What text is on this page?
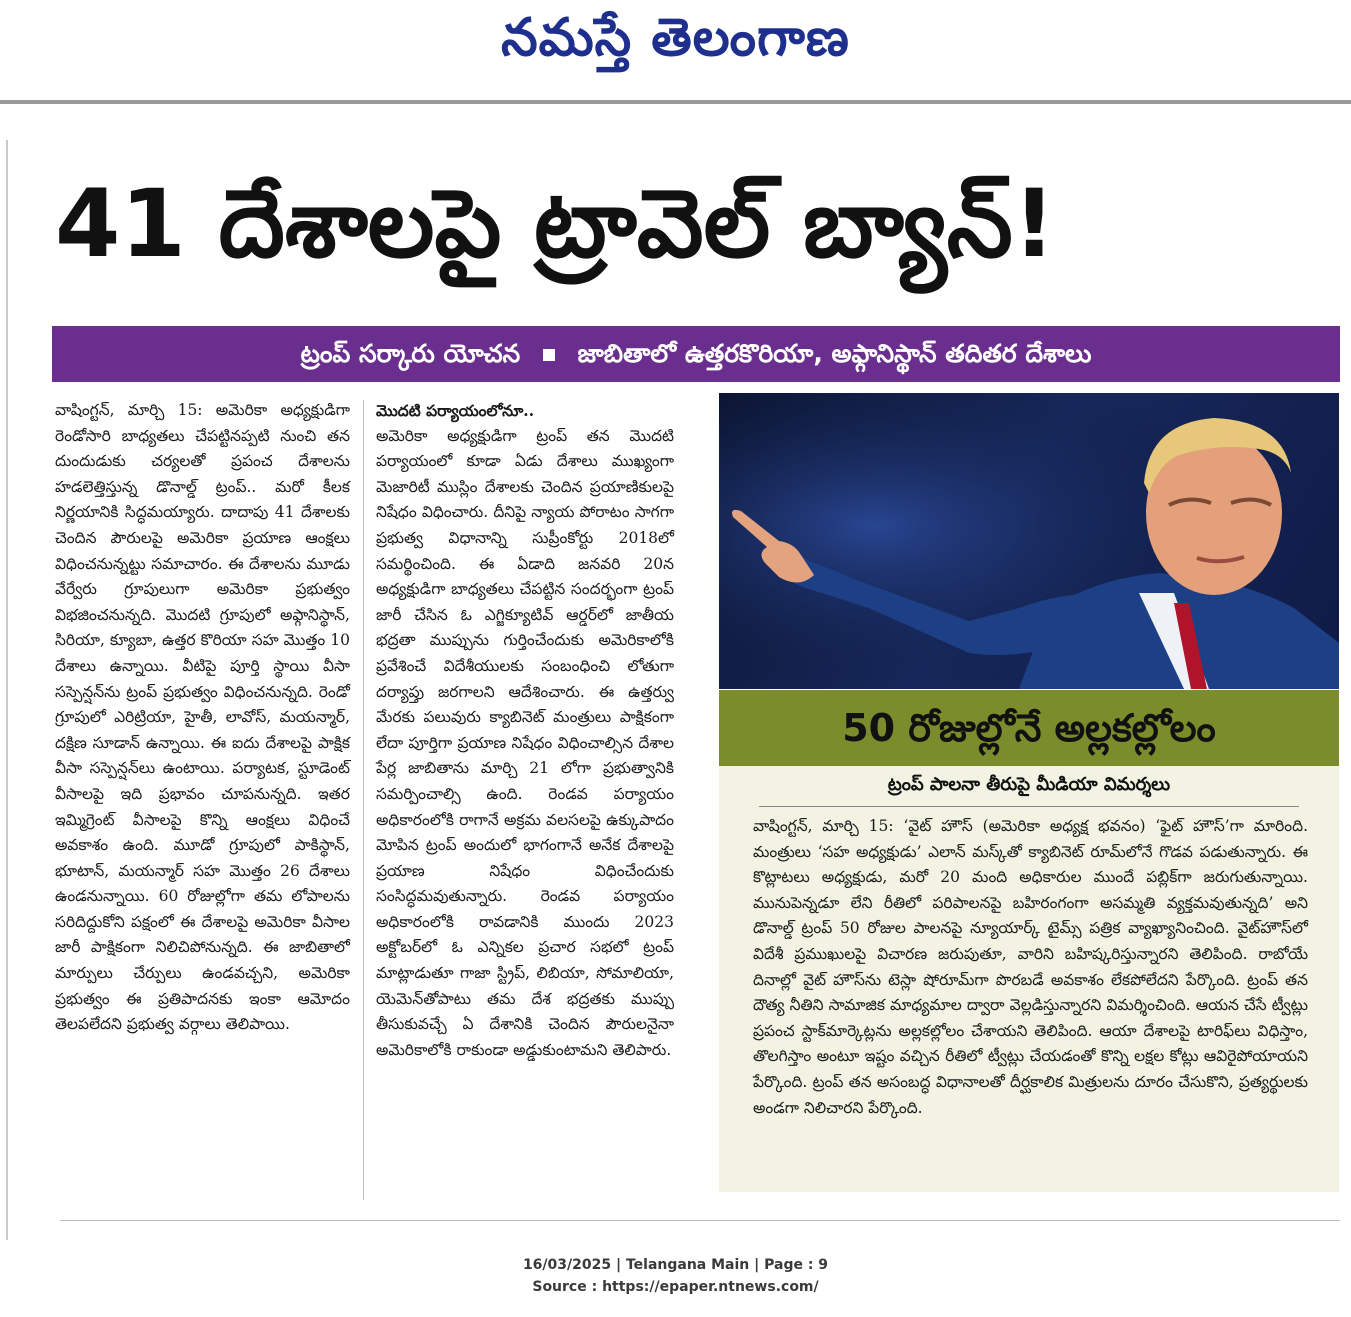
నమస్తే తెలంగాణ
41 దేశాలపై ట్రావెల్ బ్యాన్!
ట్రంప్ సర్కారు యోచన జాబితాలో ఉత్తరకొరియా, అఫ్గానిస్థాన్ తదితర దేశాలు
వాషింగ్టన్, మార్చి 15: అమెరికా అధ్యక్షుడిగా రెండోసారి బాధ్యతలు చేపట్టినప్పటి నుంచి తన దుందుడుకు చర్యలతో ప్రపంచ దేశాలను హడలెత్తిస్తున్న డొనాల్డ్ ట్రంప్.. మరో కీలక నిర్ణయానికి సిద్ధమయ్యారు. దాదాపు 41 దేశాలకు చెందిన పౌరులపై అమెరికా ప్రయాణ ఆంక్షలు విధించనున్నట్టు సమాచారం. ఈ దేశాలను మూడు వేర్వేరు గ్రూపులుగా అమెరికా ప్రభుత్వం విభజించనున్నది. మొదటి గ్రూపులో అఫ్గానిస్థాన్, సిరియా, క్యూబా, ఉత్తర కొరియా సహ మొత్తం 10 దేశాలు ఉన్నాయి. వీటిపై పూర్తి స్థాయి వీసా సస్పెన్షన్‌ను ట్రంప్ ప్రభుత్వం విధించనున్నది. రెండో గ్రూపులో ఎరిట్రియా, హైతీ, లావోస్, మయన్మార్, దక్షిణ సూడాన్ ఉన్నాయి. ఈ ఐదు దేశాలపై పాక్షిక వీసా సస్పెన్షన్‌లు ఉంటాయి. పర్యాటక, స్టూడెంట్ వీసాలపై ఇది ప్రభావం చూపనున్నది. ఇతర ఇమ్మిగ్రెంట్ వీసాలపై కొన్ని ఆంక్షలు విధించే అవకాశం ఉంది. మూడో గ్రూపులో పాకిస్థాన్, భూటాన్, మయన్మార్ సహ మొత్తం 26 దేశాలు ఉండనున్నాయి. 60 రోజుల్లోగా తమ లోపాలను సరిదిద్దుకోని పక్షంలో ఈ దేశాలపై అమెరికా వీసాల జారీ పాక్షికంగా నిలిచిపోనున్నది. ఈ జాబితాలో మార్పులు చేర్పులు ఉండవచ్చని, అమెరికా ప్రభుత్వం ఈ ప్రతిపాదనకు ఇంకా ఆమోదం తెలపలేదని ప్రభుత్వ వర్గాలు తెలిపాయి.
మొదటి పర్యాయంలోనూ..
అమెరికా అధ్యక్షుడిగా ట్రంప్ తన మొదటి పర్యాయంలో కూడా ఏడు దేశాలు ముఖ్యంగా మెజారిటీ ముస్లిం దేశాలకు చెందిన ప్రయాణికులపై నిషేధం విధించారు. దీనిపై న్యాయ పోరాటం సాగగా ప్రభుత్వ విధానాన్ని సుప్రీంకోర్టు 2018లో సమర్థించింది. ఈ ఏడాది జనవరి 20న అధ్యక్షుడిగా బాధ్యతలు చేపట్టిన సందర్భంగా ట్రంప్ జారీ చేసిన ఓ ఎగ్జిక్యూటివ్ ఆర్డర్‌లో జాతీయ భద్రతా ముప్పును గుర్తించేందుకు అమెరికాలోకి ప్రవేశించే విదేశీయులకు సంబంధించి లోతుగా దర్యాప్తు జరగాలని ఆదేశించారు. ఈ ఉత్తర్వు మేరకు పలువురు క్యాబినెట్ మంత్రులు పాక్షికంగా లేదా పూర్తిగా ప్రయాణ నిషేధం విధించాల్సిన దేశాల పేర్ల జాబితాను మార్చి 21 లోగా ప్రభుత్వానికి సమర్పించాల్సి ఉంది. రెండవ పర్యాయం అధికారంలోకి రాగానే అక్రమ వలసలపై ఉక్కుపాదం మోపిన ట్రంప్ అందులో భాగంగానే అనేక దేశాలపై ప్రయాణ నిషేధం విధించేందుకు సంసిద్ధమవుతున్నారు. రెండవ పర్యాయం అధికారంలోకి రావడానికి ముందు 2023 అక్టోబర్‌లో ఓ ఎన్నికల ప్రచార సభలో ట్రంప్ మాట్లాడుతూ గాజా స్ట్రిప్, లిబియా, సోమాలియా, యెమెన్‌తోపాటు తమ దేశ భద్రతకు ముప్పు తీసుకువచ్చే ఏ దేశానికి చెందిన పౌరులనైనా అమెరికాలోకి రాకుండా అడ్డుకుంటామని తెలిపారు.
50 రోజుల్లోనే అల్లకల్లోలం
ట్రంప్ పాలనా తీరుపై మీడియా విమర్శలు
వాషింగ్టన్, మార్చి 15: ‘వైట్ హౌస్ (అమెరికా అధ్యక్ష భవనం) ‘ఫైట్ హౌస్’గా మారింది. మంత్రులు ‘సహ అధ్యక్షుడు’ ఎలాన్ మస్క్‌తో క్యాబినెట్ రూమ్‌లోనే గొడవ పడుతున్నారు. ఈ కొట్లాటలు అధ్యక్షుడు, మరో 20 మంది అధికారుల ముందే పబ్లిక్‌గా జరుగుతున్నాయి. మునుపెన్నడూ లేని రీతిలో పరిపాలనపై బహిరంగంగా అసమ్మతి వ్యక్తమవుతున్నది’ అని డొనాల్డ్ ట్రంప్ 50 రోజుల పాలనపై న్యూయార్క్ టైమ్స్ పత్రిక వ్యాఖ్యానించింది. వైట్‌హౌస్‌లో విదేశీ ప్రముఖులపై విచారణ జరుపుతూ, వారిని బహిష్కరిస్తున్నారని తెలిపింది. రాబోయే దినాల్లో వైట్ హౌస్‌ను టెస్లా షోరూమ్‌గా పొరబడే అవకాశం లేకపోలేదని పేర్కొంది. ట్రంప్ తన దౌత్య నీతిని సామాజిక మాధ్యమాల ద్వారా వెల్లడిస్తున్నారని విమర్శించింది. ఆయన చేసే ట్వీట్లు ప్రపంచ స్టాక్‌మార్కెట్లను అల్లకల్లోలం చేశాయని తెలిపింది. ఆయా దేశాలపై టారిఫ్‌లు విధిస్తాం, తొలగిస్తాం అంటూ ఇష్టం వచ్చిన రీతిలో ట్వీట్లు చేయడంతో కొన్ని లక్షల కోట్లు ఆవిరైపోయాయని పేర్కొంది. ట్రంప్ తన అసంబద్ధ విధానాలతో దీర్ఘకాలిక మిత్రులను దూరం చేసుకొని, ప్రత్యర్థులకు అండగా నిలిచారని పేర్కొంది.
16/03/2025 | Telangana Main | Page : 9
Source : https://epaper.ntnews.com/
